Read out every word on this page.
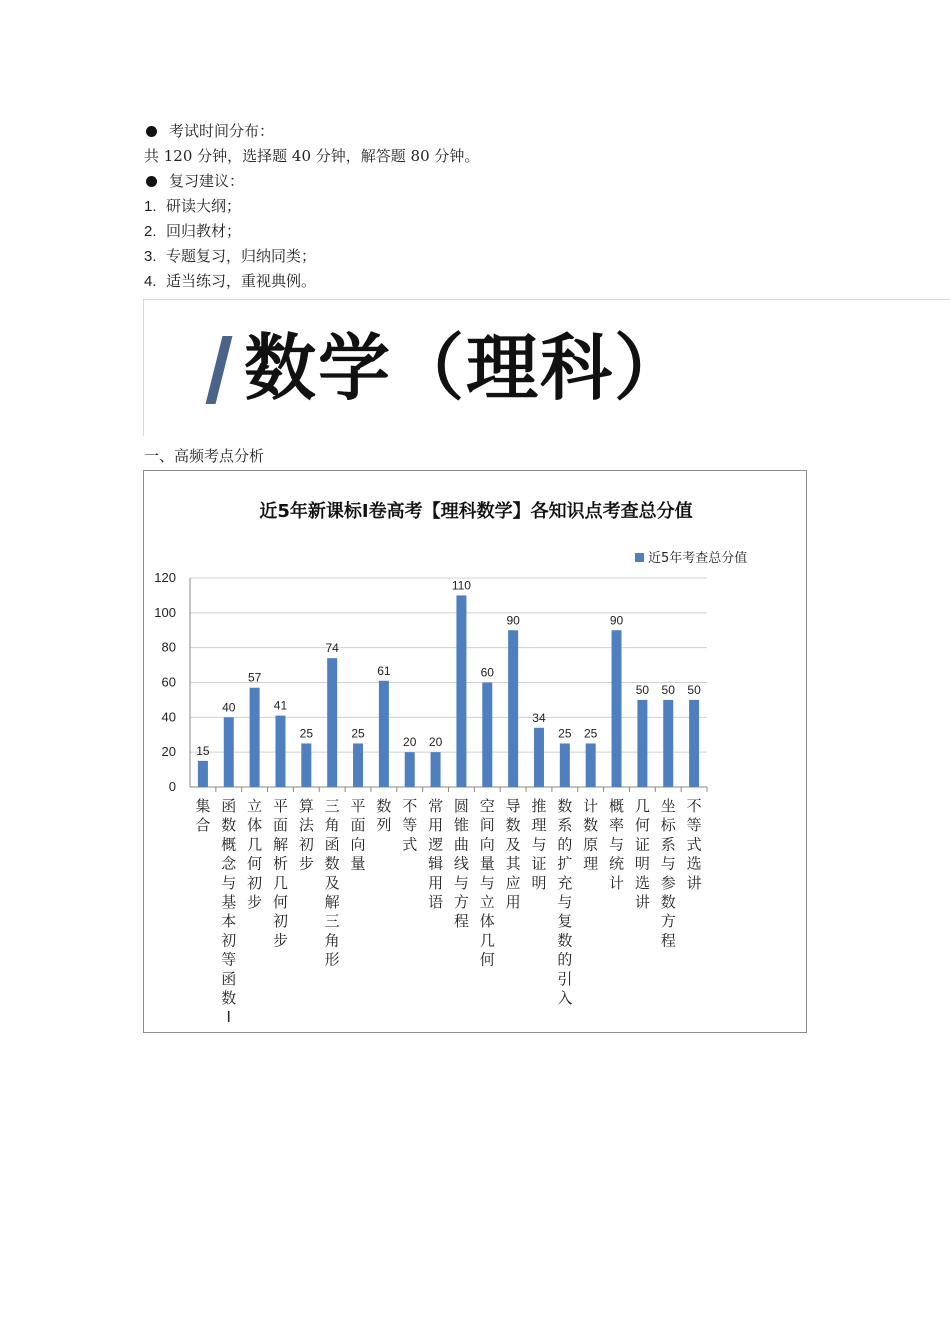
考试时间分布：
共 120 分钟，选择题 40 分钟，解答题 80 分钟。
复习建议：
1. 研读大纲；
2. 回归教材；
3. 专题复习，归纳同类；
4. 适当练习，重视典例。
数学（理科）
一、高频考点分析
近5年新课标I卷高考【理科数学】各知识点考查总分值
近5年考查总分值
0
20
40
60
80
100
120
15
集合
40
函数概念与基本初等函数 Ⅰ
57
立体几何初步
41
平面解析几何初步
25
算法初步
74
三角函数及解三角形
25
平面向量
61
数列
20
不等式
20
常用逻辑用语
110
圆锥曲线与方程
60
空间向量与立体几何
90
导数及其应用
34
推理与证明
25
数系的扩充与复数的引入
25
计数原理
90
概率与统计
50
几何证明选讲
50
坐标系与参数方程
50
不等式选讲
